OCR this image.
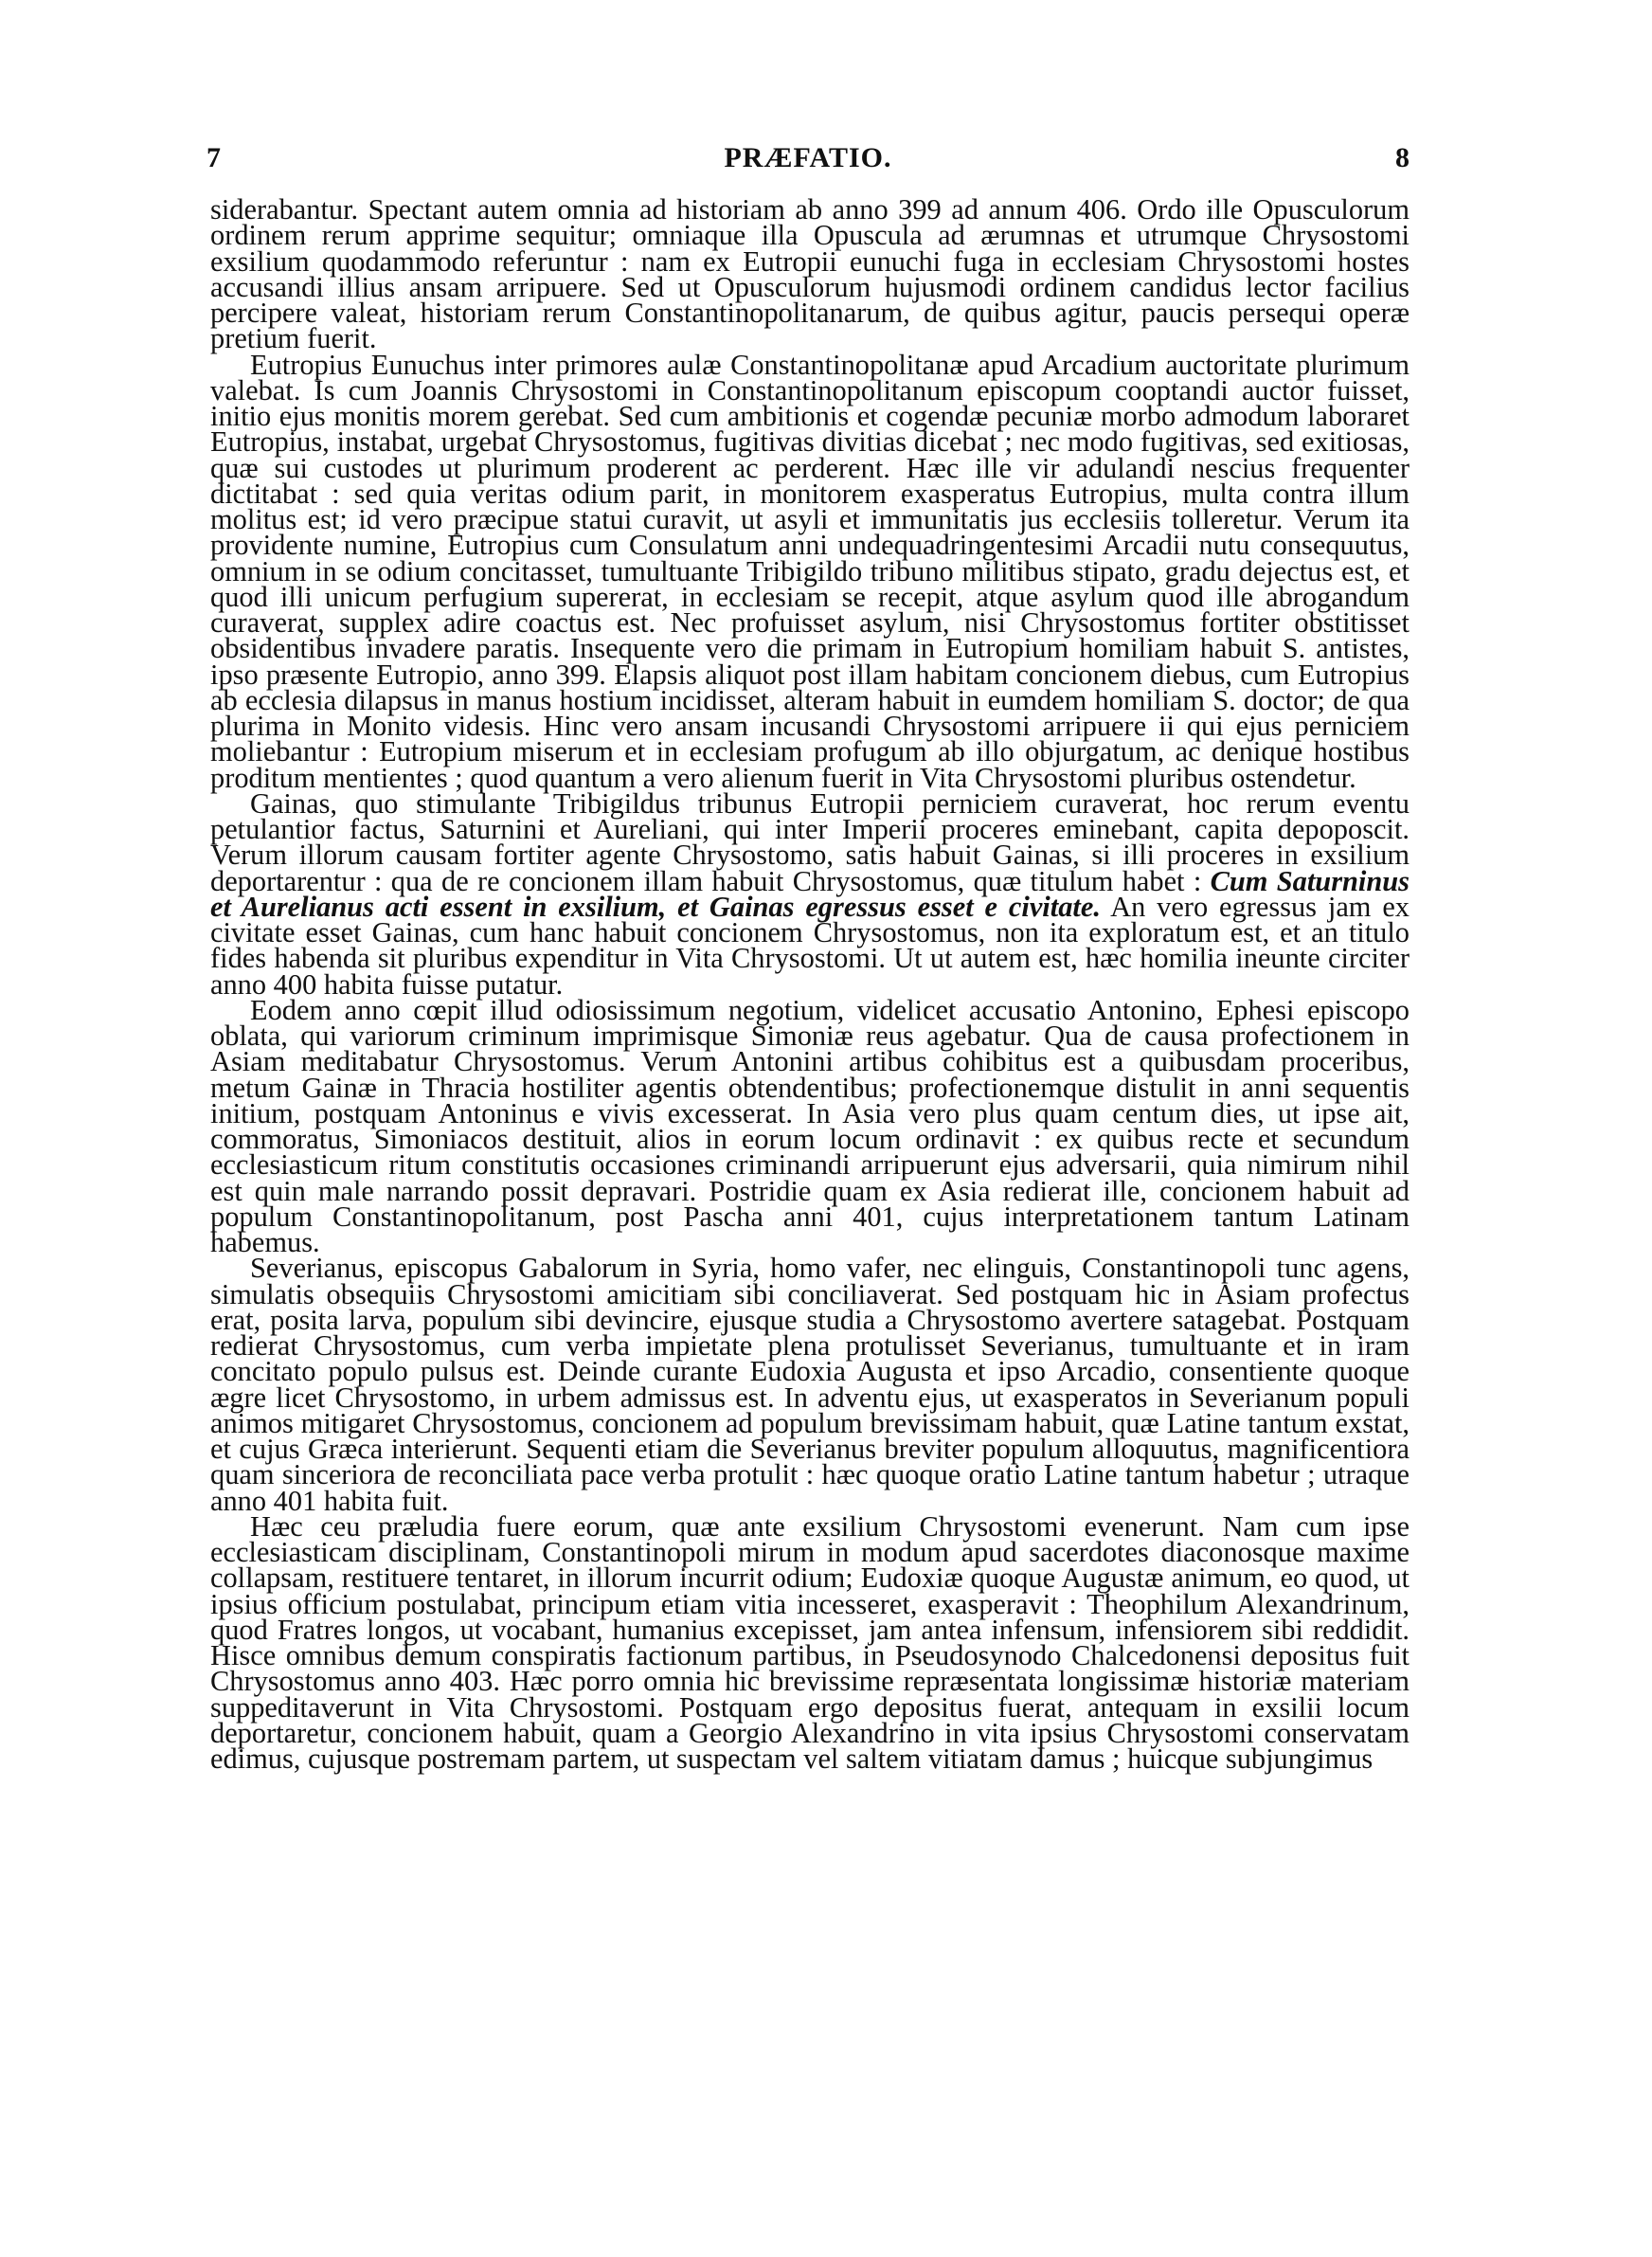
7	PRÆFATIO.	8

siderabantur. Spectant autem omnia ad historiam ab anno 399 ad annum 406. Ordo ille Opusculorum ordinem rerum apprime sequitur; omniaque illa Opuscula ad ærumnas et utrumque Chrysostomi exsilium quodammodo referuntur : nam ex Eutropii eunuchi fuga in ecclesiam Chrysostomi hostes accusandi illius ansam arripuere. Sed ut Opusculorum hujusmodi ordinem candidus lector facilius percipere valeat, historiam rerum Constantinopolitanarum, de quibus agitur, paucis persequi operæ pretium fuerit.

Eutropius Eunuchus inter primores aulæ Constantinopolitanæ apud Arcadium auctoritate plurimum valebat. Is cum Joannis Chrysostomi in Constantinopolitanum episcopum cooptandi auctor fuisset, initio ejus monitis morem gerebat. Sed cum ambitionis et cogendæ pecuniæ morbo admodum laboraret Eutropius, instabat, urgebat Chrysostomus, fugitivas divitias dicebat ; nec modo fugitivas, sed exitiosas, quæ sui custodes ut plurimum proderent ac perderent. Hæc ille vir adulandi nescius frequenter dictitabat : sed quia veritas odium parit, in monitorem exasperatus Eutropius, multa contra illum molitus est; id vero præcipue statui curavit, ut asyli et immunitatis jus ecclesiis tolleretur. Verum ita providente numine, Eutropius cum Consulatum anni undequadringentesimi Arcadii nutu consequutus, omnium in se odium concitasset, tumultuante Tribigildo tribuno militibus stipato, gradu dejectus est, et quod illi unicum perfugium supererat, in ecclesiam se recepit, atque asylum quod ille abrogandum curaverat, supplex adire coactus est. Nec profuisset asylum, nisi Chrysostomus fortiter obstitisset obsidentibus invadere paratis. Insequente vero die primam in Eutropium homiliam habuit S. antistes, ipso præsente Eutropio, anno 399. Elapsis aliquot post illam habitam concionem diebus, cum Eutropius ab ecclesia dilapsus in manus hostium incidisset, alteram habuit in eumdem homiliam S. doctor; de qua plurima in Monito videsis. Hinc vero ansam incusandi Chrysostomi arripuere ii qui ejus perniciem moliebantur : Eutropium miserum et in ecclesiam profugum ab illo objurgatum, ac denique hostibus proditum mentientes ; quod quantum a vero alienum fuerit in Vita Chrysostomi pluribus ostendetur.

Gainas, quo stimulante Tribigildus tribunus Eutropii perniciem curaverat, hoc rerum eventu petulantior factus, Saturnini et Aureliani, qui inter Imperii proceres eminebant, capita depoposcit. Verum illorum causam fortiter agente Chrysostomo, satis habuit Gainas, si illi proceres in exsilium deportarentur : qua de re concionem illam habuit Chrysostomus, quæ titulum habet : Cum Saturninus et Aurelianus acti essent in exsilium, et Gainas egressus esset e civitate. An vero egressus jam ex civitate esset Gainas, cum hanc habuit concionem Chrysostomus, non ita exploratum est, et an titulo fides habenda sit pluribus expenditur in Vita Chrysostomi. Ut ut autem est, hæc homilia ineunte circiter anno 400 habita fuisse putatur.

Eodem anno cœpit illud odiosissimum negotium, videlicet accusatio Antonino, Ephesi episcopo oblata, qui variorum criminum imprimisque Simoniæ reus agebatur. Qua de causa profectionem in Asiam meditabatur Chrysostomus. Verum Antonini artibus cohibitus est a quibusdam proceribus, metum Gainæ in Thracia hostiliter agentis obtendentibus; profectionemque distulit in anni sequentis initium, postquam Antoninus e vivis excesserat. In Asia vero plus quam centum dies, ut ipse ait, commoratus, Simoniacos destituit, alios in eorum locum ordinavit : ex quibus recte et secundum ecclesiasticum ritum constitutis occasiones criminandi arripuerunt ejus adversarii, quia nimirum nihil est quin male narrando possit depravari. Postridie quam ex Asia redierat ille, concionem habuit ad populum Constantinopolitanum, post Pascha anni 401, cujus interpretationem tantum Latinam habemus.

Severianus, episcopus Gabalorum in Syria, homo vafer, nec elinguis, Constantinopoli tunc agens, simulatis obsequiis Chrysostomi amicitiam sibi conciliaverat. Sed postquam hic in Asiam profectus erat, posita larva, populum sibi devincire, ejusque studia a Chrysostomo avertere satagebat. Postquam redierat Chrysostomus, cum verba impietate plena protulisset Severianus, tumultuante et in iram concitato populo pulsus est. Deinde curante Eudoxia Augusta et ipso Arcadio, consentiente quoque ægre licet Chrysostomo, in urbem admissus est. In adventu ejus, ut exasperatos in Severianum populi animos mitigaret Chrysostomus, concionem ad populum brevissimam habuit, quæ Latine tantum exstat, et cujus Græca interierunt. Sequenti etiam die Severianus breviter populum alloquutus, magnificentiora quam sinceriora de reconciliata pace verba protulit : hæc quoque oratio Latine tantum habetur ; utraque anno 401 habita fuit.

Hæc ceu præludia fuere eorum, quæ ante exsilium Chrysostomi evenerunt. Nam cum ipse ecclesiasticam disciplinam, Constantinopoli mirum in modum apud sacerdotes diaconosque maxime collapsam, restituere tentaret, in illorum incurrit odium; Eudoxiæ quoque Augustæ animum, eo quod, ut ipsius officium postulabat, principum etiam vitia incesseret, exasperavit : Theophilum Alexandrinum, quod Fratres longos, ut vocabant, humanius excepisset, jam antea infensum, infensiorem sibi reddidit. Hisce omnibus demum conspiratis factionum partibus, in Pseudosynodo Chalcedonensi depositus fuit Chrysostomus anno 403. Hæc porro omnia hic brevissime repræsentata longissimæ historiæ materiam suppeditaverunt in Vita Chrysostomi. Postquam ergo depositus fuerat, antequam in exsilii locum deportaretur, concionem habuit, quam a Georgio Alexandrino in vita ipsius Chrysostomi conservatam edimus, cujusque postremam partem, ut suspectam vel saltem vitiatam damus ; huicque subjungimus
